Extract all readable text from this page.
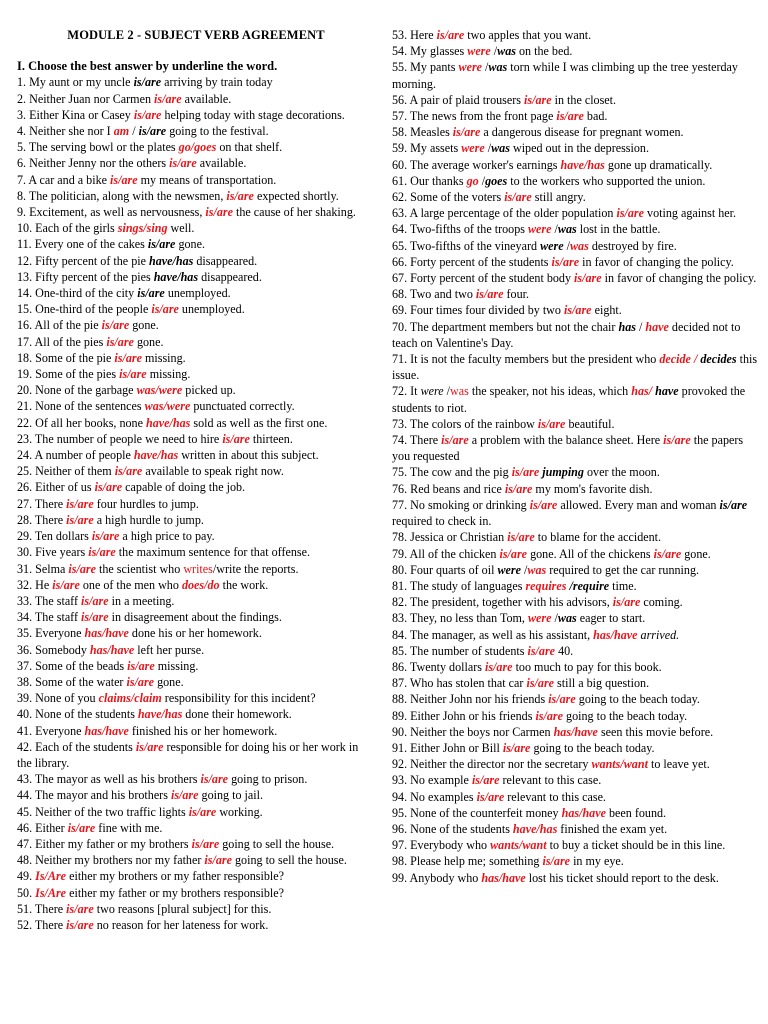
MODULE 2 - SUBJECT VERB AGREEMENT
I. Choose the best answer by underline the word.
1. My aunt or my uncle is/are arriving by train today
2. Neither Juan nor Carmen is/are available.
3. Either Kina or Casey is/are helping today with stage decorations.
4. Neither she nor I am / is/are going to the festival.
5. The serving bowl or the plates go/goes on that shelf.
6. Neither Jenny nor the others is/are available.
7. A car and a bike is/are my means of transportation.
8. The politician, along with the newsmen, is/are expected shortly.
9. Excitement, as well as nervousness, is/are the cause of her shaking.
10. Each of the girls sings/sing well.
11. Every one of the cakes is/are gone.
12. Fifty percent of the pie have/has disappeared.
13. Fifty percent of the pies have/has disappeared.
14. One-third of the city is/are unemployed.
15. One-third of the people is/are unemployed.
16. All of the pie is/are gone.
17. All of the pies is/are gone.
18. Some of the pie is/are missing.
19. Some of the pies is/are missing.
20. None of the garbage was/were picked up.
21. None of the sentences was/were punctuated correctly.
22. Of all her books, none have/has sold as well as the first one.
23. The number of people we need to hire is/are thirteen.
24. A number of people have/has written in about this subject.
25. Neither of them is/are available to speak right now.
26. Either of us is/are capable of doing the job.
27. There is/are four hurdles to jump.
28. There is/are a high hurdle to jump.
29. Ten dollars is/are a high price to pay.
30. Five years is/are the maximum sentence for that offense.
31. Selma is/are the scientist who writes/write the reports.
32. He is/are one of the men who does/do the work.
33. The staff is/are in a meeting.
34. The staff is/are in disagreement about the findings.
35. Everyone has/have done his or her homework.
36. Somebody has/have left her purse.
37. Some of the beads is/are missing.
38. Some of the water is/are gone.
39. None of you claims/claim responsibility for this incident?
40. None of the students have/has done their homework.
41. Everyone has/have finished his or her homework.
42. Each of the students is/are responsible for doing his or her work in the library.
43. The mayor as well as his brothers is/are going to prison.
44. The mayor and his brothers is/are going to jail.
45. Neither of the two traffic lights is/are working.
46. Either is/are fine with me.
47. Either my father or my brothers is/are going to sell the house.
48. Neither my brothers nor my father is/are going to sell the house.
49. Is/Are either my brothers or my father responsible?
50. Is/Are either my father or my brothers responsible?
51. There is/are two reasons [plural subject] for this.
52. There is/are no reason for her lateness for work.
53. Here is/are two apples that you want.
54. My glasses were /was on the bed.
55. My pants were /was torn while I was climbing up the tree yesterday morning.
56. A pair of plaid trousers is/are in the closet.
57. The news from the front page is/are bad.
58. Measles is/are a dangerous disease for pregnant women.
59. My assets were /was wiped out in the depression.
60. The average worker's earnings have/has gone up dramatically.
61. Our thanks go /goes to the workers who supported the union.
62. Some of the voters is/are still angry.
63. A large percentage of the older population is/are voting against her.
64. Two-fifths of the troops were /was lost in the battle.
65. Two-fifths of the vineyard were /was destroyed by fire.
66. Forty percent of the students is/are in favor of changing the policy.
67. Forty percent of the student body is/are in favor of changing the policy.
68. Two and two is/are four.
69. Four times four divided by two is/are eight.
70. The department members but not the chair has / have decided not to teach on Valentine's Day.
71. It is not the faculty members but the president who decide / decides this issue.
72. It were /was the speaker, not his ideas, which has/ have provoked the students to riot.
73. The colors of the rainbow is/are beautiful.
74. There is/are a problem with the balance sheet. Here is/are the papers you requested
75. The cow and the pig is/are jumping over the moon.
76. Red beans and rice is/are my mom's favorite dish.
77. No smoking or drinking is/are allowed. Every man and woman is/are required to check in.
78. Jessica or Christian is/are to blame for the accident.
79. All of the chicken is/are gone. All of the chickens is/are gone.
80. Four quarts of oil were /was required to get the car running.
81. The study of languages requires /require time.
82. The president, together with his advisors, is/are coming.
83. They, no less than Tom, were /was eager to start.
84. The manager, as well as his assistant, has/have arrived.
85. The number of students is/are 40.
86. Twenty dollars is/are too much to pay for this book.
87. Who has stolen that car is/are still a big question.
88. Neither John nor his friends is/are going to the beach today.
89. Either John or his friends is/are going to the beach today.
90. Neither the boys nor Carmen has/have seen this movie before.
91. Either John or Bill is/are going to the beach today.
92. Neither the director nor the secretary wants/want to leave yet.
93. No example is/are relevant to this case.
94. No examples is/are relevant to this case.
95. None of the counterfeit money has/have been found.
96. None of the students have/has finished the exam yet.
97. Everybody who wants/want to buy a ticket should be in this line.
98. Please help me; something is/are in my eye.
99. Anybody who has/have lost his ticket should report to the desk.
